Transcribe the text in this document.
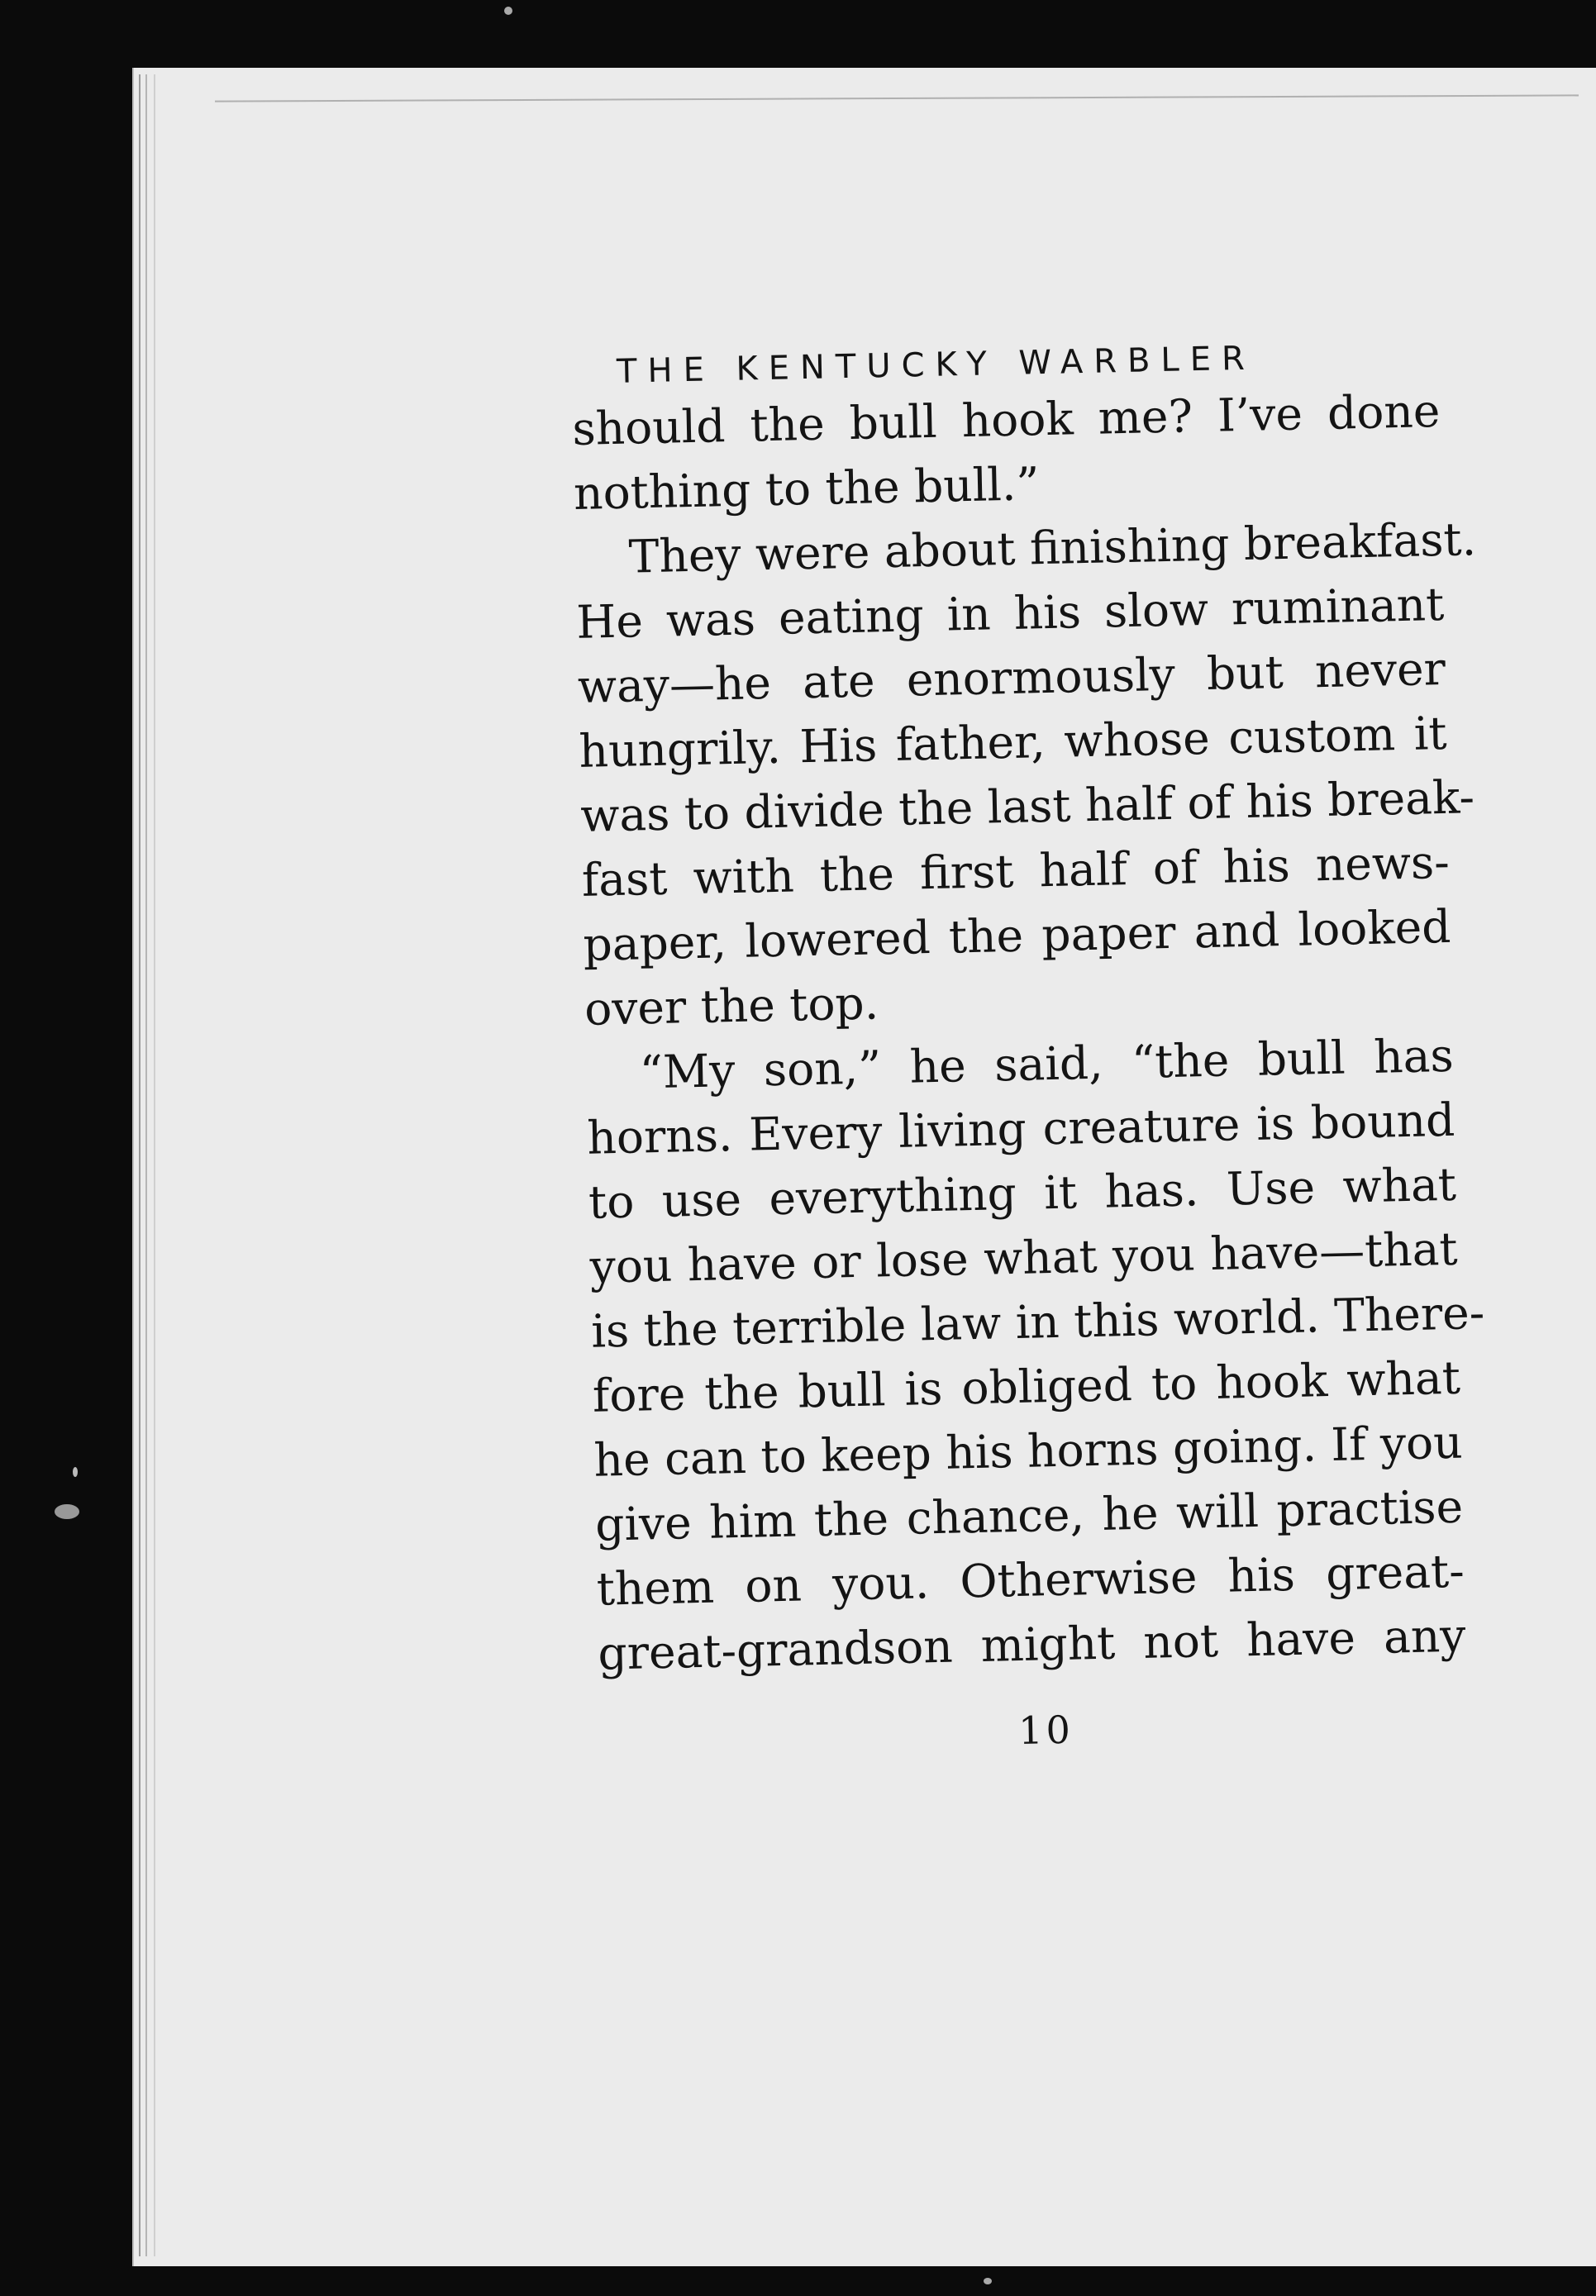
THE KENTUCKY WARBLER
should the bull hook me? I’ve done
nothing to the bull.”
They were about finishing breakfast.
He was eating in his slow ruminant
way—he ate enormously but never
hungrily. His father, whose custom it
was to divide the last half of his break-
fast with the first half of his news-
paper, lowered the paper and looked
over the top.
“My son,” he said, “the bull has
horns. Every living creature is bound
to use everything it has. Use what
you have or lose what you have—that
is the terrible law in this world. There-
fore the bull is obliged to hook what
he can to keep his horns going. If you
give him the chance, he will practise
them on you. Otherwise his great-
great-grandson might not have any
10
